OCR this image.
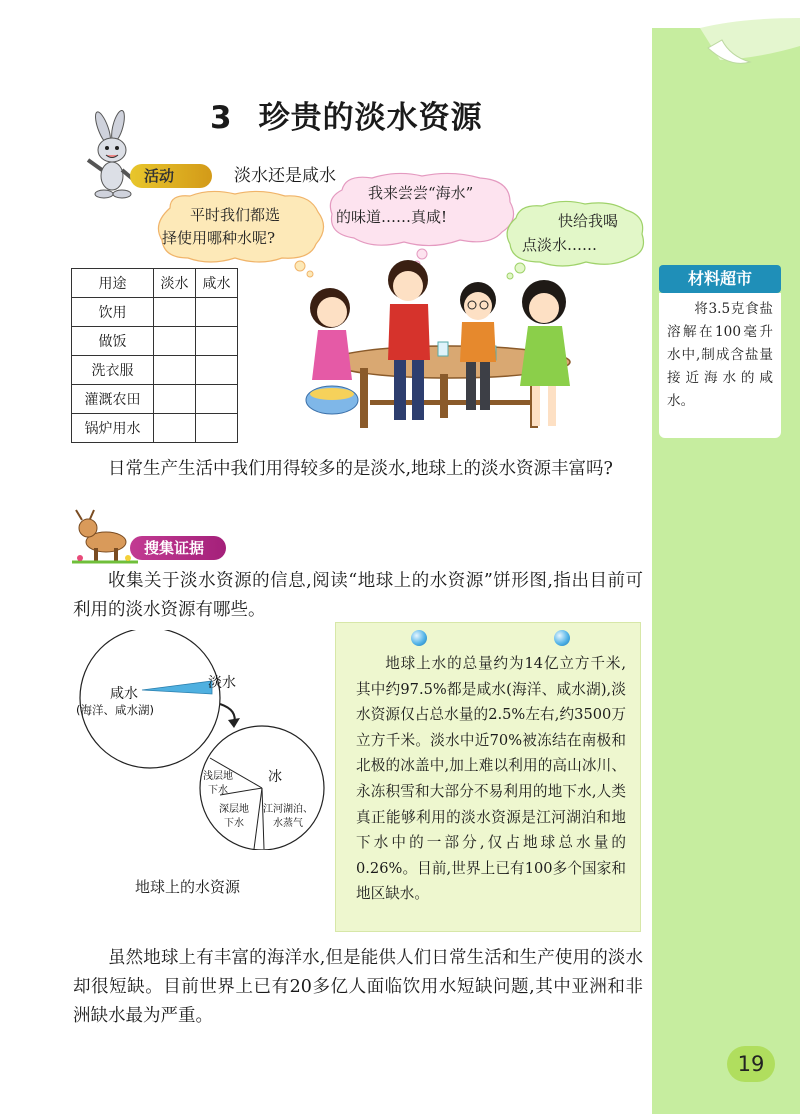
3 珍贵的淡水资源
活动	淡水还是咸水
平时我们都选
择使用哪种水呢?
我来尝尝“海水”
的味道……真咸!	快给我喝
点淡水……
用途	淡水	咸水
饮用		
做饭		
洗衣服		
灌溉农田		
锅炉用水		
日常生产生活中我们用得较多的是淡水,地球上的淡水资源丰富吗?
搜集证据
收集关于淡水资源的信息,阅读“地球上的水资源”饼形图,指出目前可利用的淡水资源有哪些。
咸水
(海洋、咸水湖)
淡水
冰
浅层地
下水
深层地
下水
江河湖泊、
水蒸气
地球上的水资源
地球上水的总量约为14亿立方千米,其中约97.5%都是咸水(海洋、咸水湖),淡水资源仅占总水量的2.5%左右,约3500万立方千米。淡水中近70%被冻结在南极和北极的冰盖中,加上难以利用的高山冰川、永冻积雪和大部分不易利用的地下水,人类真正能够利用的淡水资源是江河湖泊和地下水中的一部分,仅占地球总水量的0.26%。目前,世界上已有100多个国家和地区缺水。
虽然地球上有丰富的海洋水,但是能供人们日常生活和生产使用的淡水却很短缺。目前世界上已有20多亿人面临饮用水短缺问题,其中亚洲和非洲缺水最为严重。
材料超市
将3.5克食盐溶解在100毫升水中,制成含盐量接近海水的咸水。
19
